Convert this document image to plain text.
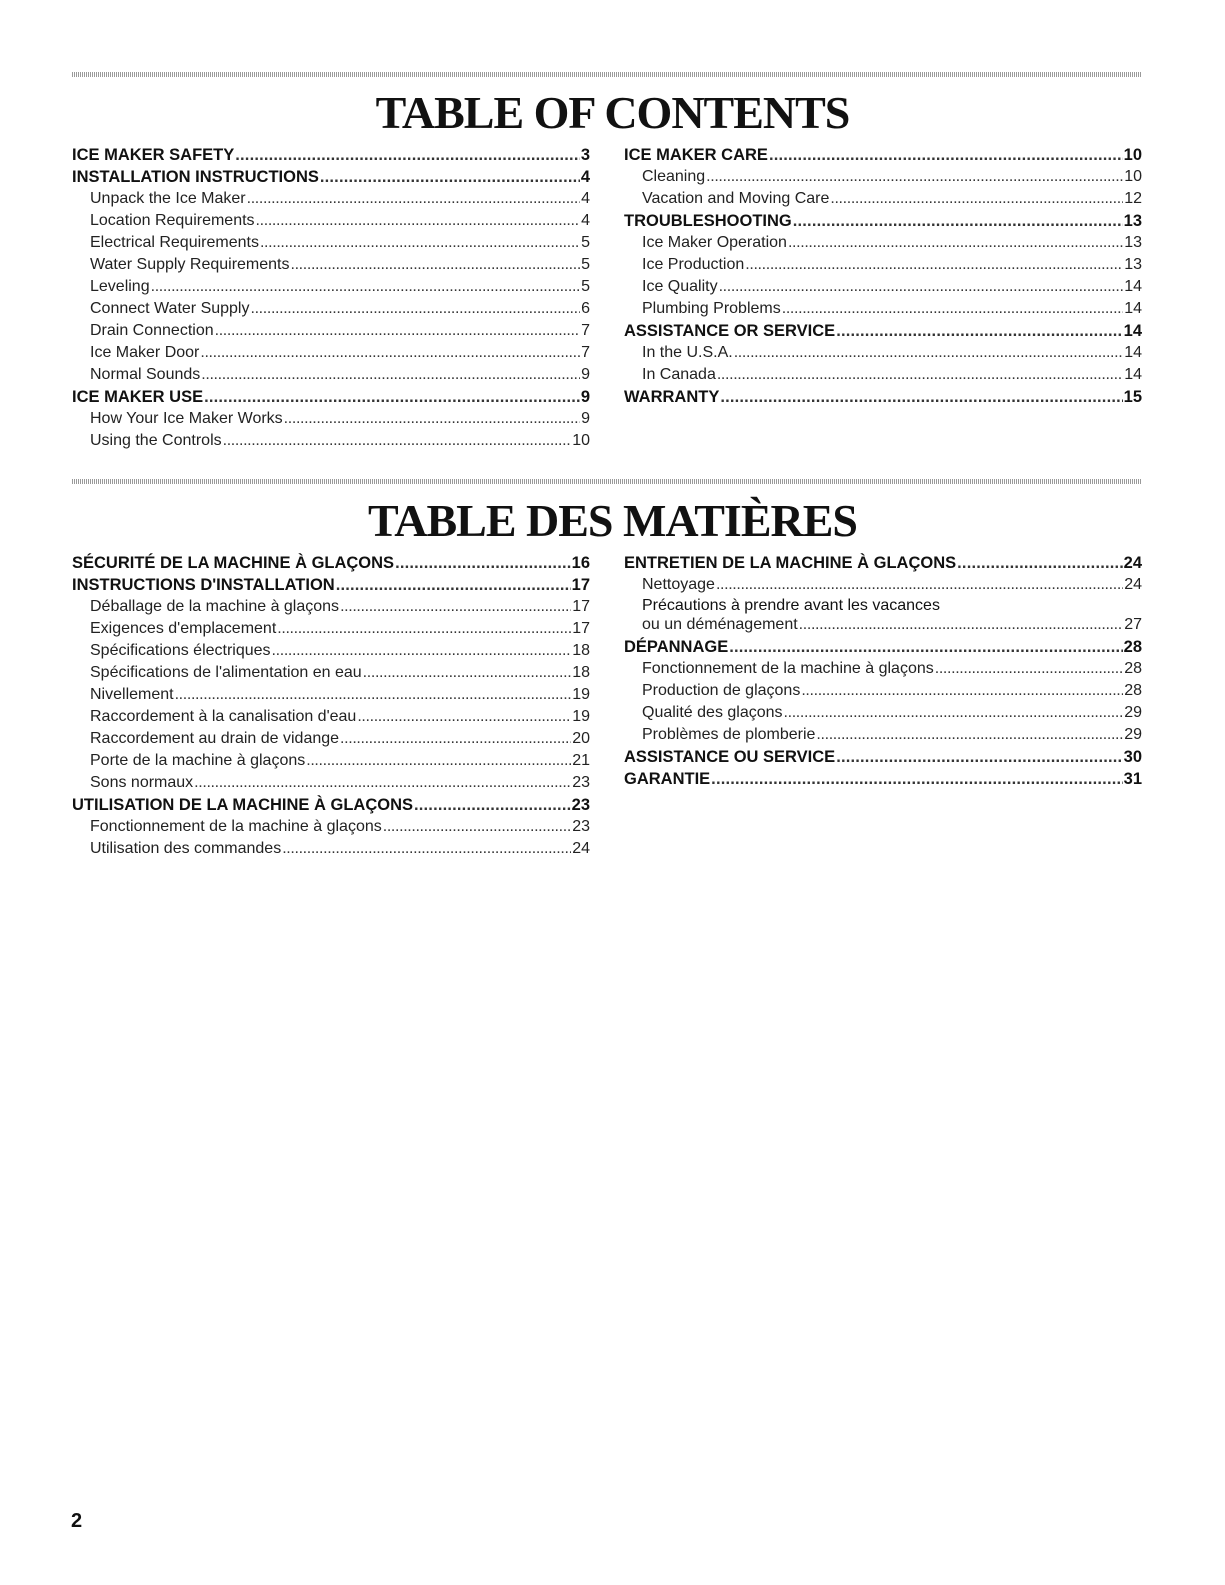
TABLE OF CONTENTS
ICE MAKER SAFETY . . .	3
INSTALLATION INSTRUCTIONS . . .	4
Unpack the Ice Maker . . .	4
Location Requirements . . .	4
Electrical Requirements . . .	5
Water Supply Requirements . . .	5
Leveling . . .	5
Connect Water Supply . . .	6
Drain Connection . . .	7
Ice Maker Door . . .	7
Normal Sounds . . .	9
ICE MAKER USE . . .	9
How Your Ice Maker Works . . .	9
Using the Controls . . .	10
ICE MAKER CARE . . .	10
Cleaning . . .	10
Vacation and Moving Care . . .	12
TROUBLESHOOTING . . .	13
Ice Maker Operation . . .	13
Ice Production . . .	13
Ice Quality . . .	14
Plumbing Problems . . .	14
ASSISTANCE OR SERVICE . . .	14
In the U.S.A. . . .	14
In Canada . . .	14
WARRANTY . . .	15
TABLE DES MATIÈRES
SÉCURITÉ DE LA MACHINE À GLAÇONS . . .	16
INSTRUCTIONS D'INSTALLATION . . .	17
Déballage de la machine à glaçons . . .	17
Exigences d'emplacement . . .	17
Spécifications électriques . . .	18
Spécifications de l'alimentation en eau . . .	18
Nivellement . . .	19
Raccordement à la canalisation d'eau . . .	19
Raccordement au drain de vidange . . .	20
Porte de la machine à glaçons . . .	21
Sons normaux . . .	23
UTILISATION DE LA MACHINE À GLAÇONS . . .	23
Fonctionnement de la machine à glaçons . . .	23
Utilisation des commandes . . .	24
ENTRETIEN DE LA MACHINE À GLAÇONS . . .	24
Nettoyage . . .	24
Précautions à prendre avant les vacances
ou un déménagement . . .	27
DÉPANNAGE . . .	28
Fonctionnement de la machine à glaçons . . .	28
Production de glaçons . . .	28
Qualité des glaçons . . .	29
Problèmes de plomberie . . .	29
ASSISTANCE OU SERVICE . . .	30
GARANTIE . . .	31
2
